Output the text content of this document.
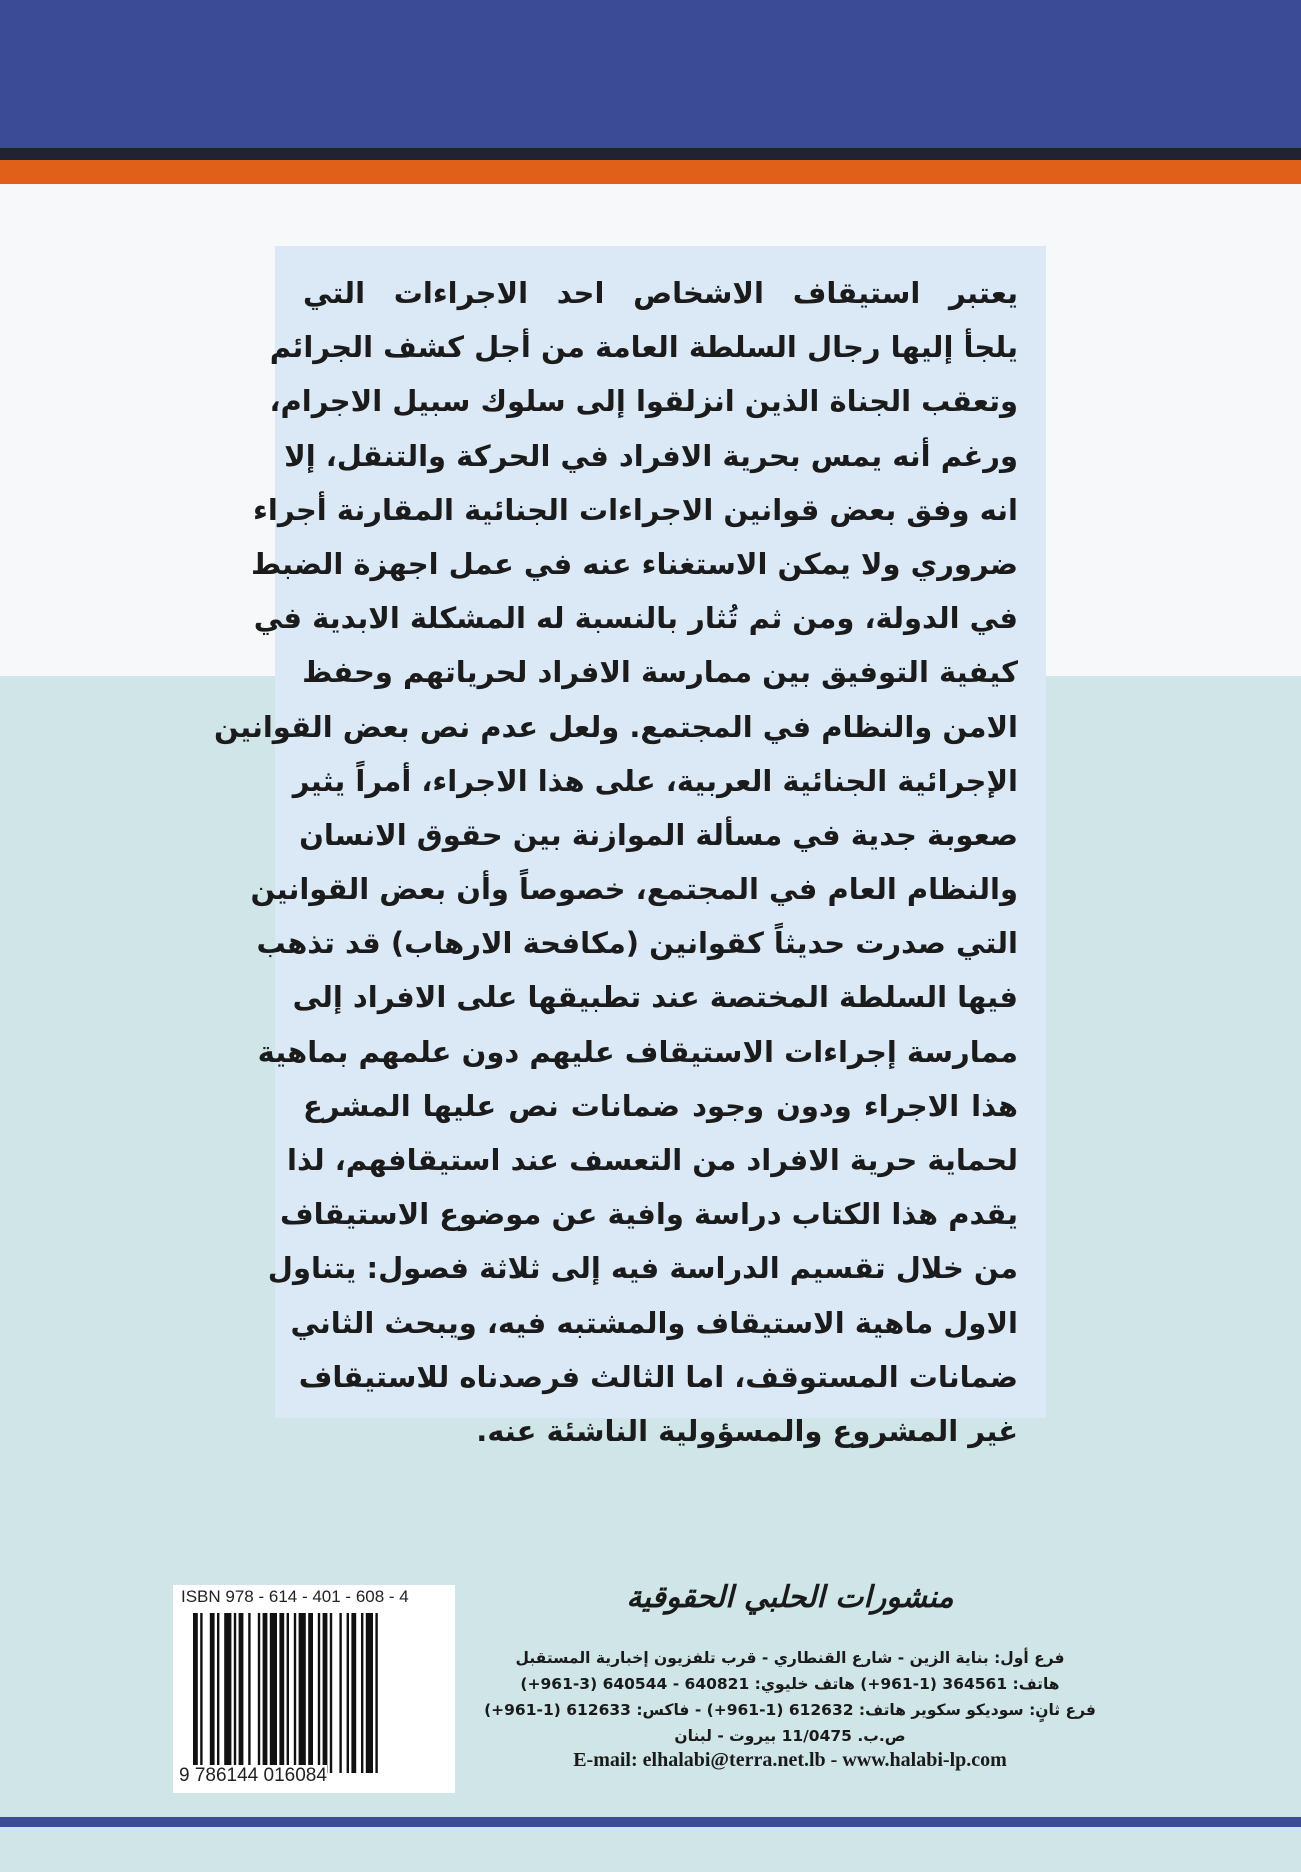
يعتبر استيقاف الاشخاص احد الاجراءات التي
يلجأ إليها رجال السلطة العامة من أجل كشف الجرائم
وتعقب الجناة الذين انزلقوا إلى سلوك سبيل الاجرام،
ورغم أنه يمس بحرية الافراد في الحركة والتنقل، إلا
انه وفق بعض قوانين الاجراءات الجنائية المقارنة أجراء
ضروري ولا يمكن الاستغناء عنه في عمل اجهزة الضبط
في الدولة، ومن ثم تُثار بالنسبة له المشكلة الابدية في
كيفية التوفيق بين ممارسة الافراد لحرياتهم وحفظ
الامن والنظام في المجتمع. ولعل عدم نص بعض القوانين
الإجرائية الجنائية العربية، على هذا الاجراء، أمراً يثير
صعوبة جدية في مسألة الموازنة بين حقوق الانسان
والنظام العام في المجتمع، خصوصاً وأن بعض القوانين
التي صدرت حديثاً كقوانين (مكافحة الارهاب) قد تذهب
فيها السلطة المختصة عند تطبيقها على الافراد إلى
ممارسة إجراءات الاستيقاف عليهم دون علمهم بماهية
هذا الاجراء ودون وجود ضمانات نص عليها المشرع
لحماية حرية الافراد من التعسف عند استيقافهم، لذا
يقدم هذا الكتاب دراسة وافية عن موضوع الاستيقاف
من خلال تقسيم الدراسة فيه إلى ثلاثة فصول: يتناول
الاول ماهية الاستيقاف والمشتبه فيه، ويبحث الثاني
ضمانات المستوقف، اما الثالث فرصدناه للاستيقاف
غير المشروع والمسؤولية الناشئة عنه.
ISBN 978 - 614 - 401 - 608 - 4
9 786144 016084
منشورات الحلبي الحقوقية
فرع أول: بناية الزين - شارع القنطاري - قرب تلفزيون إخبارية المستقبل
هاتف: 364561 (1-961+) هاتف خليوي: 640821 - 640544 (3-961+)
فرع ثانٍ: سوديكو سكوير هاتف: 612632 (1-961+) - فاكس: 612633 (1-961+)
ص.ب. 11/0475 بيروت - لبنان
E-mail: elhalabi@terra.net.lb - www.halabi-lp.com
